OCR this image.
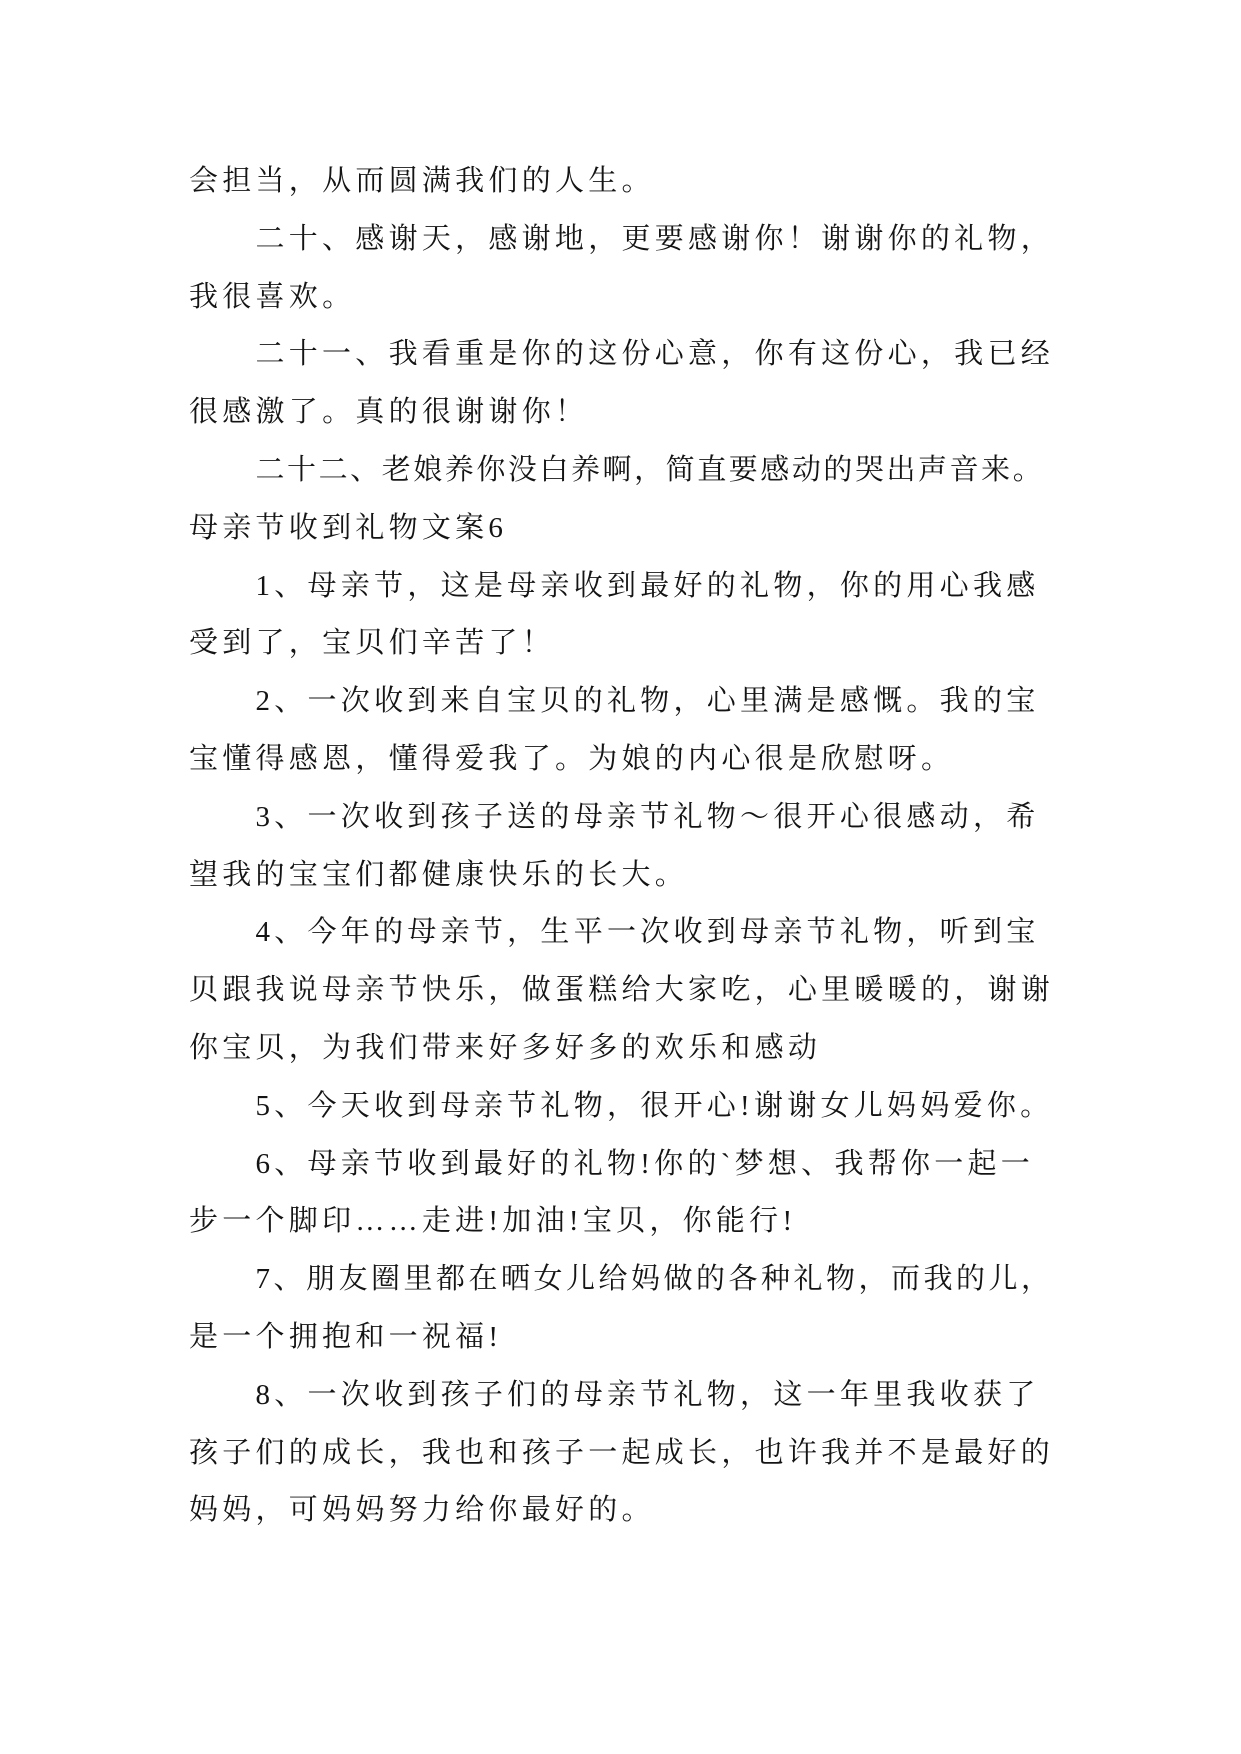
会担当，从而圆满我们的人生。
二十、感谢天，感谢地，更要感谢你！谢谢你的礼物，
我很喜欢。
二十一、我看重是你的这份心意，你有这份心，我已经
很感激了。真的很谢谢你！
二十二、老娘养你没白养啊，简直要感动的哭出声音来。
母亲节收到礼物文案6
1、母亲节，这是母亲收到最好的礼物，你的用心我感
受到了，宝贝们辛苦了！
2、一次收到来自宝贝的礼物，心里满是感慨。我的宝
宝懂得感恩，懂得爱我了。为娘的内心很是欣慰呀。
3、一次收到孩子送的母亲节礼物～很开心很感动，希
望我的宝宝们都健康快乐的长大。
4、今年的母亲节，生平一次收到母亲节礼物，听到宝
贝跟我说母亲节快乐，做蛋糕给大家吃，心里暖暖的，谢谢
你宝贝，为我们带来好多好多的欢乐和感动
5、今天收到母亲节礼物，很开心!谢谢女儿妈妈爱你。
6、母亲节收到最好的礼物!你的`梦想、我帮你一起一
步一个脚印……走进!加油!宝贝，你能行!
7、朋友圈里都在晒女儿给妈做的各种礼物，而我的儿，
是一个拥抱和一祝福!
8、一次收到孩子们的母亲节礼物，这一年里我收获了
孩子们的成长，我也和孩子一起成长，也许我并不是最好的
妈妈，可妈妈努力给你最好的。
